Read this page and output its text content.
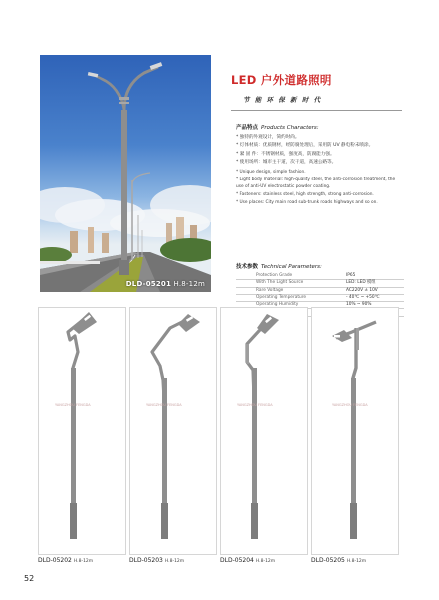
DLD-05201 H.8-12m
LED 户外道路照明
节 能 环 保 新 时 代
产品特点 Products Characters:
* 独特的外观设计，简约时尚。
* 灯体材质：优质钢材，经防腐处理后，采用防 UV 静电粉末喷涂。
* 紧 固 件：不锈钢材质，强度高，防腐能力强。
* 使用场所：城市主干道，次干道，高速公路等。
* Unique design, simple fashion.
* Light body material: high-quality steel, the anti-corrosion treatment, the use of anti-UV electrostatic powder coating.
* Fasteners: stainless steel, high strength, strong anti-corrosion.
* Use places: City main road sub-trunk roads highways and so on.
技术参数 Technical Parameters:
Protection Grade	IP65
With The Light Source	LED: LED 模组
Rare Voltage	AC220V ± 10V
Operating Temperature	- 40℃ ~ +50℃
Operating Humidity	10% ~ 90%

YANGZHOU FENGDA	YANGZHOU FENGDA	YANGZHOU FENGDA	YANGZHOU FENGDA
DLD-05202 H.8-12m	DLD-05203 H.8-12m	DLD-05204 H.8-12m	DLD-05205 H.8-12m
52
